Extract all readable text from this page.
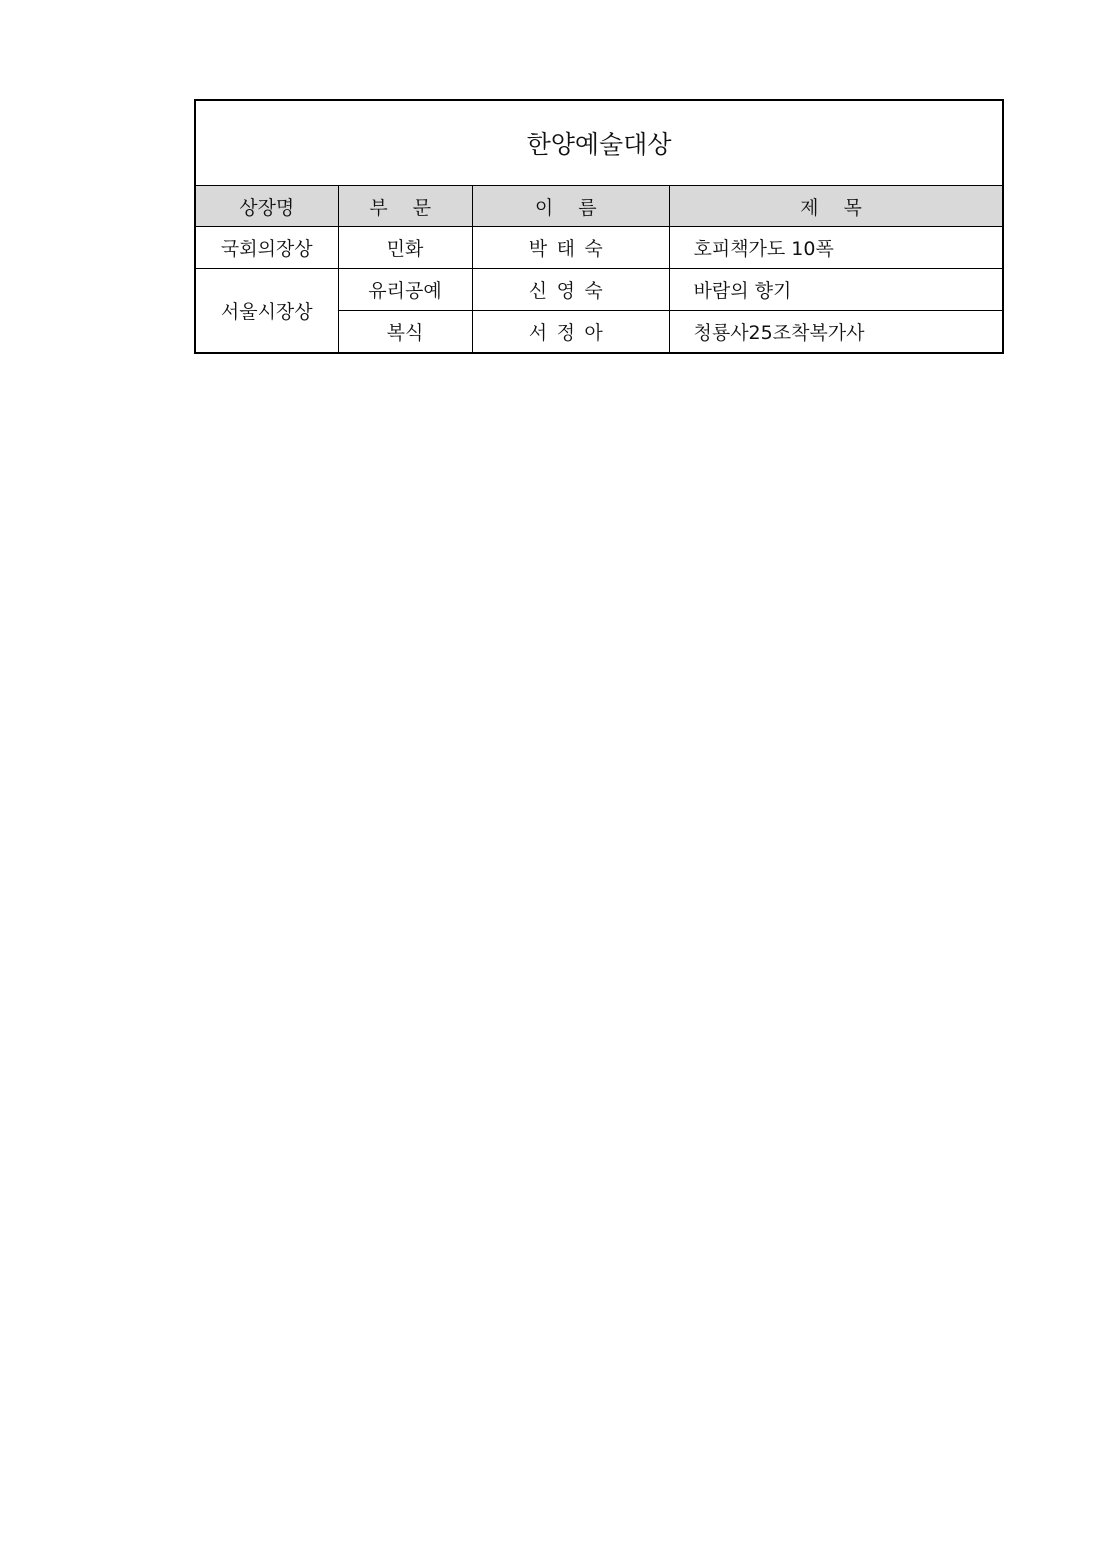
한양예술대상			
상장명	부 문	이 름	제 목
국회의장상	민화	박태숙	호피책가도 10폭
서울시장상	유리공예	신영숙	바람의 향기
	복식	서정아	청룡사25조착복가사
